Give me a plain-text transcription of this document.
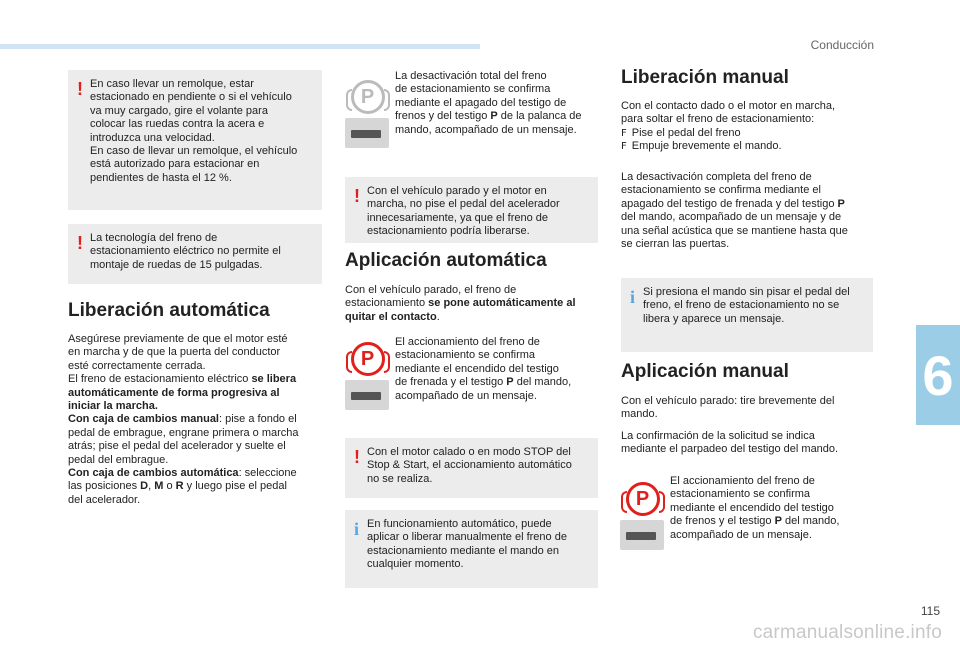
Conducción
6
! En caso llevar un remolque, estar
estacionado en pendiente o si el vehículo
va muy cargado, gire el volante para
colocar las ruedas contra la acera e
introduzca una velocidad.
En caso de llevar un remolque, el vehículo
está autorizado para estacionar en
pendientes de hasta el 12 %.
! La tecnología del freno de
estacionamiento eléctrico no permite el
montaje de ruedas de 15 pulgadas.
Liberación automática
Asegúrese previamente de que el motor esté
en marcha y de que la puerta del conductor
esté correctamente cerrada.
El freno de estacionamiento eléctrico se libera
automáticamente de forma progresiva al
iniciar la marcha.
Con caja de cambios manual: pise a fondo el
pedal de embrague, engrane primera o marcha
atrás; pise el pedal del acelerador y suelte el
pedal del embrague.
Con caja de cambios automática: seleccione
las posiciones D, M o R y luego pise el pedal
del acelerador.
P
La desactivación total del freno
de estacionamiento se confirma
mediante el apagado del testigo de
frenos y del testigo P de la palanca de
mando, acompañado de un mensaje.
! Con el vehículo parado y el motor en
marcha, no pise el pedal del acelerador
innecesariamente, ya que el freno de
estacionamiento podría liberarse.
Aplicación automática
Con el vehículo parado, el freno de
estacionamiento se pone automáticamente al
quitar el contacto.
P
El accionamiento del freno de
estacionamiento se confirma
mediante el encendido del testigo
de frenada y el testigo P del mando,
acompañado de un mensaje.
! Con el motor calado o en modo STOP del
Stop & Start, el accionamiento automático
no se realiza.
i En funcionamiento automático, puede
aplicar o liberar manualmente el freno de
estacionamiento mediante el mando en
cualquier momento.
Liberación manual
Con el contacto dado o el motor en marcha,
para soltar el freno de estacionamiento:
F Pise el pedal del freno
F Empuje brevemente el mando.
La desactivación completa del freno de
estacionamiento se confirma mediante el
apagado del testigo de frenada y del testigo P
del mando, acompañado de un mensaje y de
una señal acústica que se mantiene hasta que
se cierran las puertas.
i Si presiona el mando sin pisar el pedal del
freno, el freno de estacionamiento no se
libera y aparece un mensaje.
Aplicación manual
Con el vehículo parado: tire brevemente del
mando.
La confirmación de la solicitud se indica
mediante el parpadeo del testigo del mando.
P
El accionamiento del freno de
estacionamiento se confirma
mediante el encendido del testigo
de frenos y el testigo P del mando,
acompañado de un mensaje.
115
carmanualsonline.info
